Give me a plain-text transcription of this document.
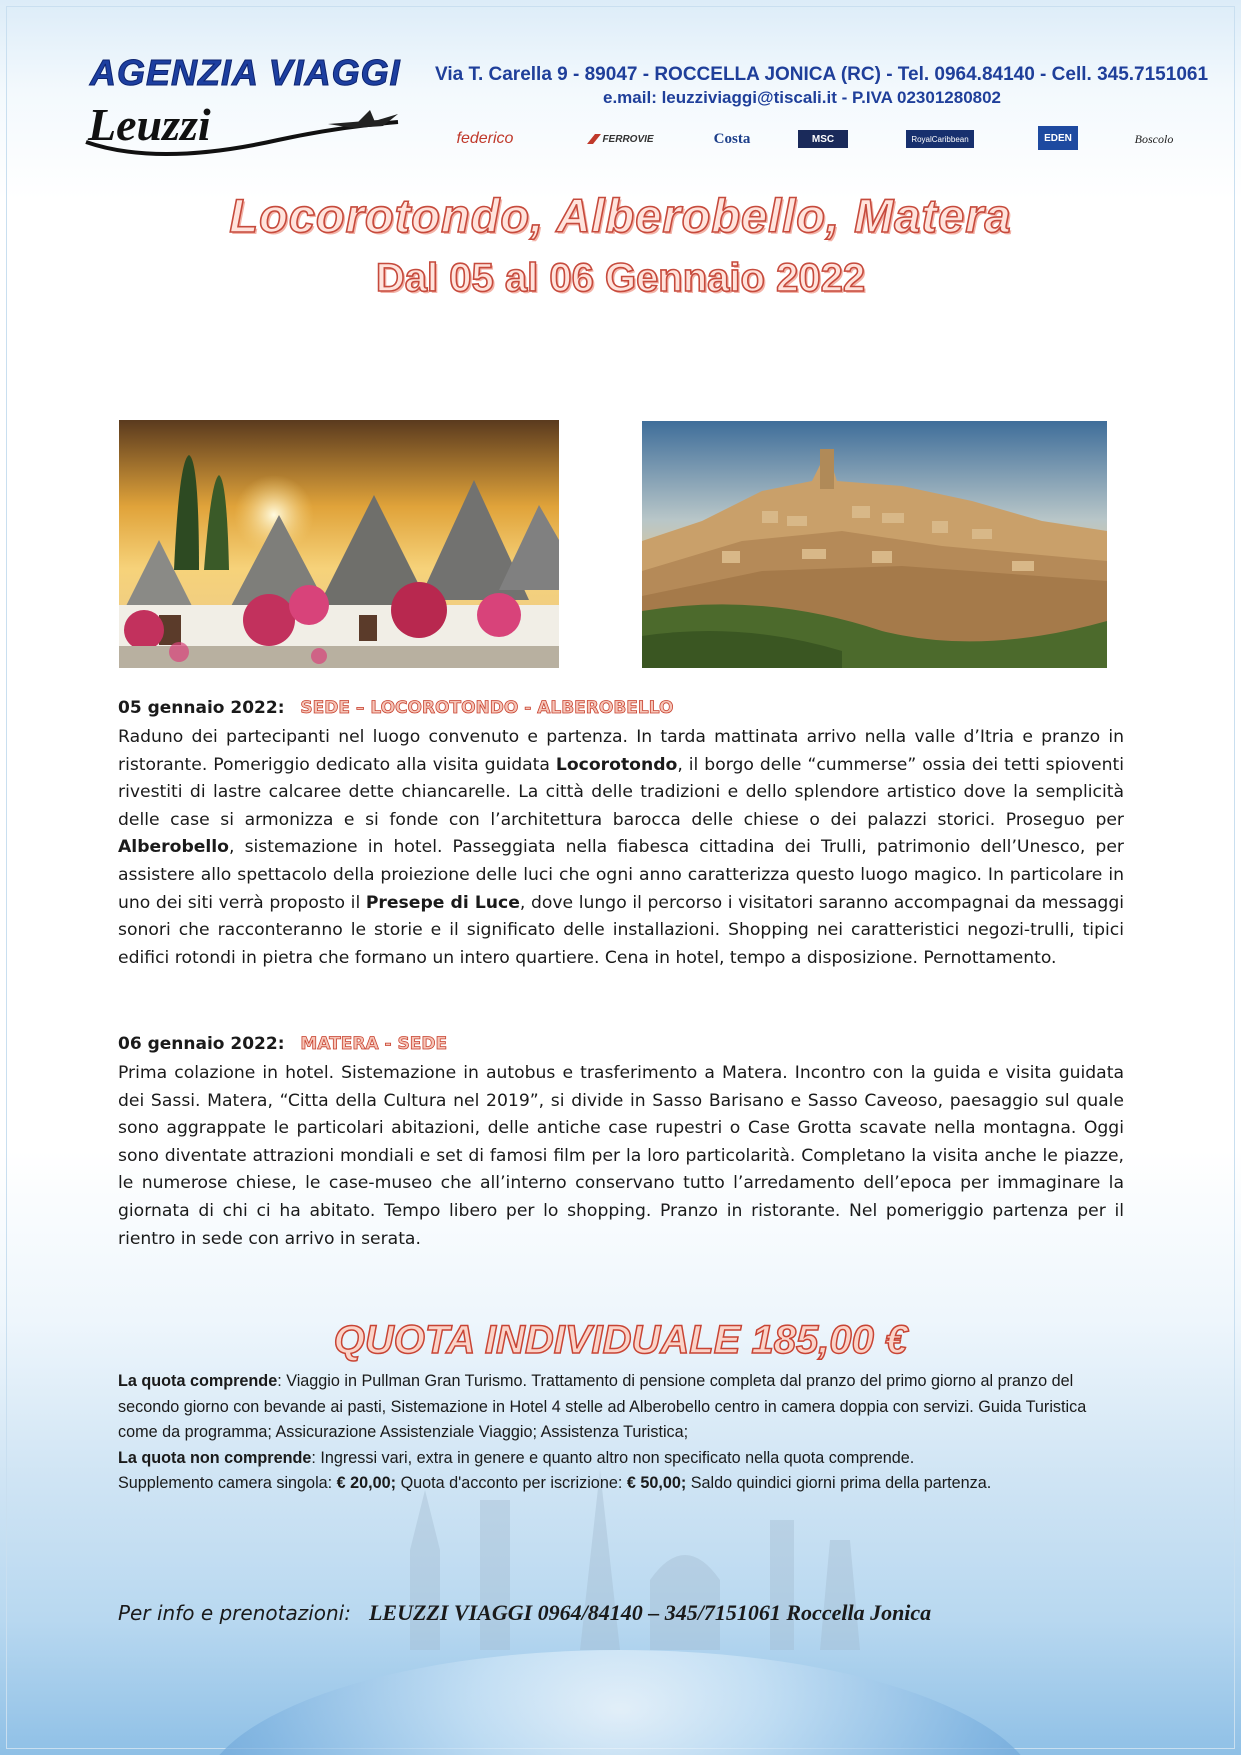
AGENZIA VIAGGI
Leuzzi
Via T. Carella 9 - 89047 - ROCCELLA JONICA (RC) - Tel. 0964.84140 - Cell. 345.7151061
e.mail: leuzziviaggi@tiscali.it - P.IVA 02301280802
federico	FERROVIE	Costa	MSC	RoyalCaribbean	EDEN	Boscolo
Locorotondo, Alberobello, Matera
Dal 05 al 06 Gennaio 2022
05 gennaio 2022: SEDE – LOCOROTONDO - ALBEROBELLO

Raduno dei partecipanti nel luogo convenuto e partenza. In tarda mattinata arrivo nella valle d’Itria e pranzo in ristorante. Pomeriggio dedicato alla visita guidata Locorotondo, il borgo delle “cummerse” ossia dei tetti spioventi rivestiti di lastre calcaree dette chiancarelle. La città delle tradizioni e dello splendore artistico dove la semplicità delle case si armonizza e si fonde con l’architettura barocca delle chiese o dei palazzi storici. Proseguo per Alberobello, sistemazione in hotel. Passeggiata nella fiabesca cittadina dei Trulli, patrimonio dell’Unesco, per assistere allo spettacolo della proiezione delle luci che ogni anno caratterizza questo luogo magico. In particolare in uno dei siti verrà proposto il Presepe di Luce, dove lungo il percorso i visitatori saranno accompagnai da messaggi sonori che racconteranno le storie e il significato delle installazioni. Shopping nei caratteristici negozi-trulli, tipici edifici rotondi in pietra che formano un intero quartiere. Cena in hotel, tempo a disposizione. Pernottamento.

06 gennaio 2022: MATERA - SEDE

Prima colazione in hotel. Sistemazione in autobus e trasferimento a Matera. Incontro con la guida e visita guidata dei Sassi. Matera, “Citta della Cultura nel 2019”, si divide in Sasso Barisano e Sasso Caveoso, paesaggio sul quale sono aggrappate le particolari abitazioni, delle antiche case rupestri o Case Grotta scavate nella montagna. Oggi sono diventate attrazioni mondiali e set di famosi film per la loro particolarità. Completano la visita anche le piazze, le numerose chiese, le case-museo che all’interno conservano tutto l’arredamento dell’epoca per immaginare la giornata di chi ci ha abitato. Tempo libero per lo shopping. Pranzo in ristorante. Nel pomeriggio partenza per il rientro in sede con arrivo in serata.

QUOTA INDIVIDUALE 185,00 €

La quota comprende: Viaggio in Pullman Gran Turismo. Trattamento di pensione completa dal pranzo del primo giorno al pranzo del secondo giorno con bevande ai pasti, Sistemazione in Hotel 4 stelle ad Alberobello centro in camera doppia con servizi. Guida Turistica come da programma; Assicurazione Assistenziale Viaggio; Assistenza Turistica;

La quota non comprende: Ingressi vari, extra in genere e quanto altro non specificato nella quota comprende.

Supplemento camera singola: € 20,00; Quota d'acconto per iscrizione: € 50,00; Saldo quindici giorni prima della partenza.

Per info e prenotazioni: LEUZZI VIAGGI 0964/84140 – 345/7151061 Roccella Jonica
